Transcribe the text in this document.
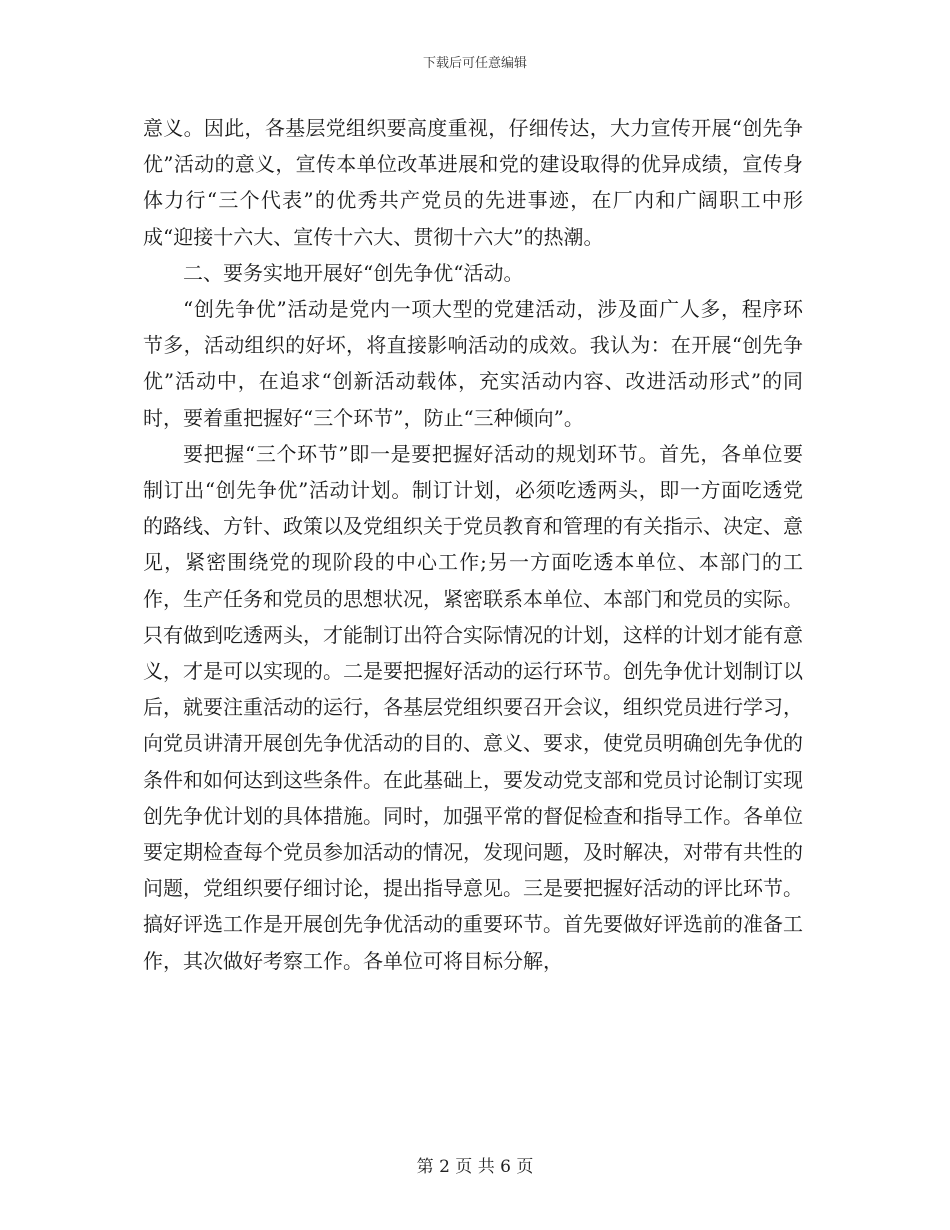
下载后可任意编辑

意义。因此，各基层党组织要高度重视，仔细传达，大力宣传开展“创先争优”活动的意义，宣传本单位改革进展和党的建设取得的优异成绩，宣传身体力行“三个代表”的优秀共产党员的先进事迹，在厂内和广阔职工中形成“迎接十六大、宣传十六大、贯彻十六大”的热潮。

二、要务实地开展好“创先争优“活动。

“创先争优”活动是党内一项大型的党建活动，涉及面广人多，程序环节多，活动组织的好坏，将直接影响活动的成效。我认为：在开展“创先争优”活动中，在追求“创新活动载体，充实活动内容、改进活动形式”的同时，要着重把握好“三个环节”，防止“三种倾向”。

要把握“三个环节”即一是要把握好活动的规划环节。首先，各单位要制订出“创先争优”活动计划。制订计划，必须吃透两头，即一方面吃透党的路线、方针、政策以及党组织关于党员教育和管理的有关指示、决定、意见，紧密围绕党的现阶段的中心工作;另一方面吃透本单位、本部门的工作，生产任务和党员的思想状况，紧密联系本单位、本部门和党员的实际。只有做到吃透两头，才能制订出符合实际情况的计划，这样的计划才能有意义，才是可以实现的。二是要把握好活动的运行环节。创先争优计划制订以后，就要注重活动的运行，各基层党组织要召开会议，组织党员进行学习，向党员讲清开展创先争优活动的目的、意义、要求，使党员明确创先争优的条件和如何达到这些条件。在此基础上，要发动党支部和党员讨论制订实现创先争优计划的具体措施。同时，加强平常的督促检查和指导工作。各单位要定期检查每个党员参加活动的情况，发现问题，及时解决，对带有共性的问题，党组织要仔细讨论，提出指导意见。三是要把握好活动的评比环节。搞好评选工作是开展创先争优活动的重要环节。首先要做好评选前的准备工作，其次做好考察工作。各单位可将目标分解，

第 2 页 共 6 页
